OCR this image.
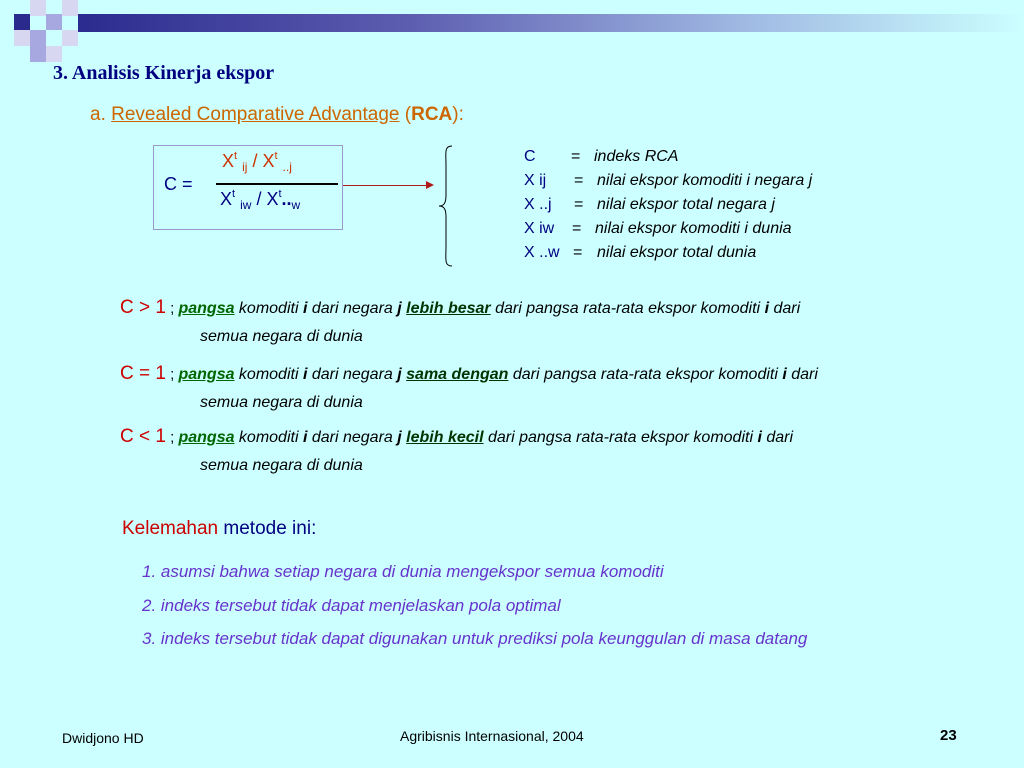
3. Analisis Kinerja ekspor
a. Revealed Comparative Advantage (RCA):
C =
$X^t$ $_{ij} / X^t$ $_{..j}$
$X^t$ $_{iw} / X^t.._w$
C = indeks RCA
X ij = nilai ekspor komoditi i negara j
X ..j = nilai ekspor total negara j
X iw = nilai ekspor komoditi i dunia
X ..w = nilai ekspor total dunia
C > 1 ; pangsa komoditi i dari negara j lebih besar dari pangsa rata-rata ekspor komoditi i dari
semua negara di dunia
C = 1 ; pangsa komoditi i dari negara j sama dengan dari pangsa rata-rata ekspor komoditi i dari
semua negara di dunia
C < 1 ; pangsa komoditi i dari negara j lebih kecil dari pangsa rata-rata ekspor komoditi i dari
semua negara di dunia
Kelemahan metode ini:
1. asumsi bahwa setiap negara di dunia mengekspor semua komoditi
2. indeks tersebut tidak dapat menjelaskan pola optimal
3. indeks tersebut tidak dapat digunakan untuk prediksi pola keunggulan di masa datang
Dwidjono HD	Agribisnis Internasional, 2004	23
